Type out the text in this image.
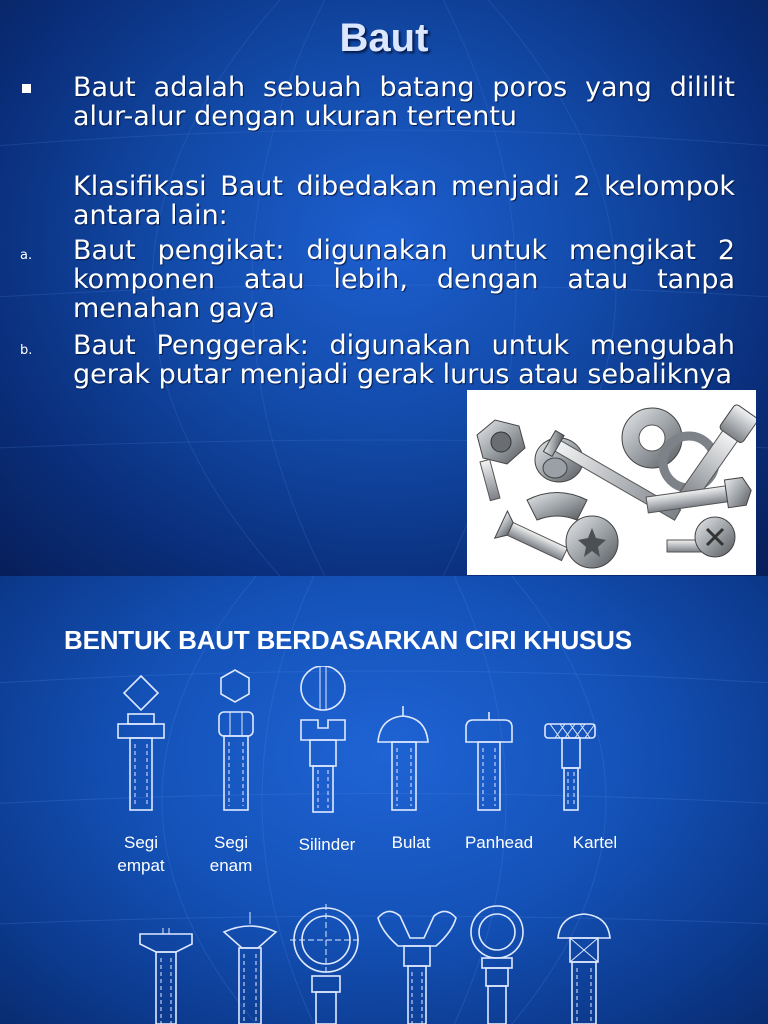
Baut

Baut adalah sebuah batang poros yang dililit alur-alur dengan ukuran tertentu

Klasifikasi Baut dibedakan menjadi 2 kelompok antara lain:

a. Baut pengikat: digunakan untuk mengikat 2 komponen atau lebih, dengan atau tanpa menahan gaya

b. Baut Penggerak: digunakan untuk mengubah gerak putar menjadi gerak lurus atau sebaliknya

BENTUK BAUT BERDASARKAN CIRI KHUSUS
Segi
empat
Segi
enam
Silinder	Bulat	Panhead	Kartel
